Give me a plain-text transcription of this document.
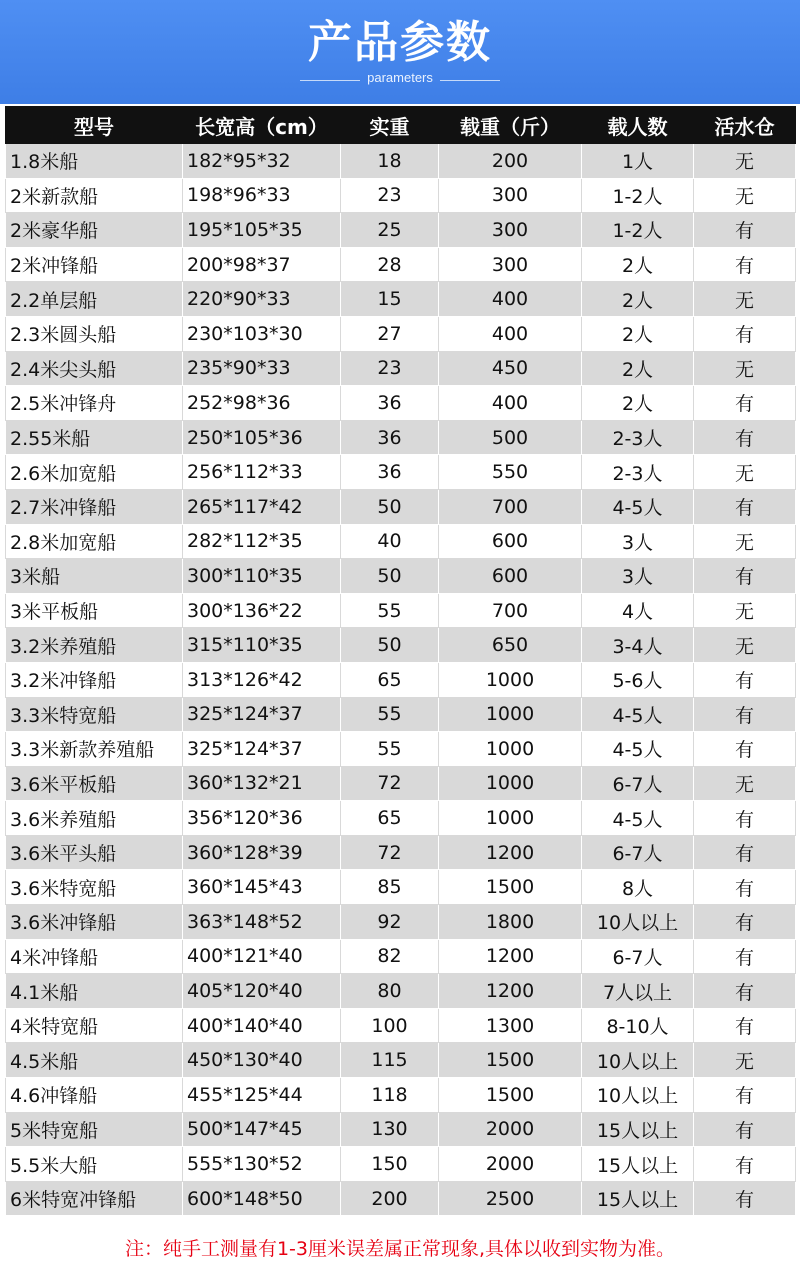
产品参数
parameters
型号	长宽高（cm）	实重	载重（斤）	载人数	活水仓
1.8米船	182*95*32	18	200	1人	无
2米新款船	198*96*33	23	300	1-2人	无
2米豪华船	195*105*35	25	300	1-2人	有
2米冲锋船	200*98*37	28	300	2人	有
2.2单层船	220*90*33	15	400	2人	无
2.3米圆头船	230*103*30	27	400	2人	有
2.4米尖头船	235*90*33	23	450	2人	无
2.5米冲锋舟	252*98*36	36	400	2人	有
2.55米船	250*105*36	36	500	2-3人	有
2.6米加宽船	256*112*33	36	550	2-3人	无
2.7米冲锋船	265*117*42	50	700	4-5人	有
2.8米加宽船	282*112*35	40	600	3人	无
3米船	300*110*35	50	600	3人	有
3米平板船	300*136*22	55	700	4人	无
3.2米养殖船	315*110*35	50	650	3-4人	无
3.2米冲锋船	313*126*42	65	1000	5-6人	有
3.3米特宽船	325*124*37	55	1000	4-5人	有
3.3米新款养殖船	325*124*37	55	1000	4-5人	有
3.6米平板船	360*132*21	72	1000	6-7人	无
3.6米养殖船	356*120*36	65	1000	4-5人	有
3.6米平头船	360*128*39	72	1200	6-7人	有
3.6米特宽船	360*145*43	85	1500	8人	有
3.6米冲锋船	363*148*52	92	1800	10人以上	有
4米冲锋船	400*121*40	82	1200	6-7人	有
4.1米船	405*120*40	80	1200	7人以上	有
4米特宽船	400*140*40	100	1300	8-10人	有
4.5米船	450*130*40	115	1500	10人以上	无
4.6冲锋船	455*125*44	118	1500	10人以上	有
5米特宽船	500*147*45	130	2000	15人以上	有
5.5米大船	555*130*52	150	2000	15人以上	有
6米特宽冲锋船	600*148*50	200	2500	15人以上	有
注：纯手工测量有1-3厘米误差属正常现象,具体以收到实物为准。
